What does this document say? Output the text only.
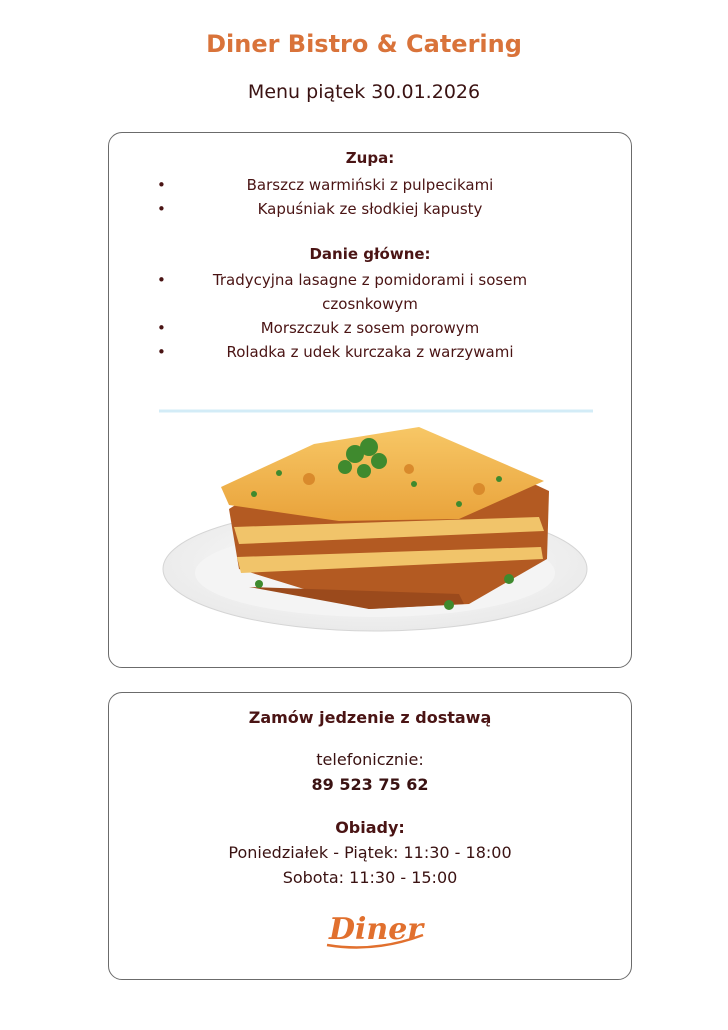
Diner Bistro & Catering
Menu piątek 30.01.2026
Zupa:
•	Barszcz warmiński z pulpecikami
•	Kapuśniak ze słodkiej kapusty
Danie główne:
•	Tradycyjna lasagne z pomidorami i sosem czosnkowym
•	Morszczuk z sosem porowym
•	Roladka z udek kurczaka z warzywami
Zamów jedzenie z dostawą
telefonicznie:
89 523 75 62
Obiady:
Poniedziałek - Piątek: 11:30 - 18:00
Sobota: 11:30 - 15:00
Diner
